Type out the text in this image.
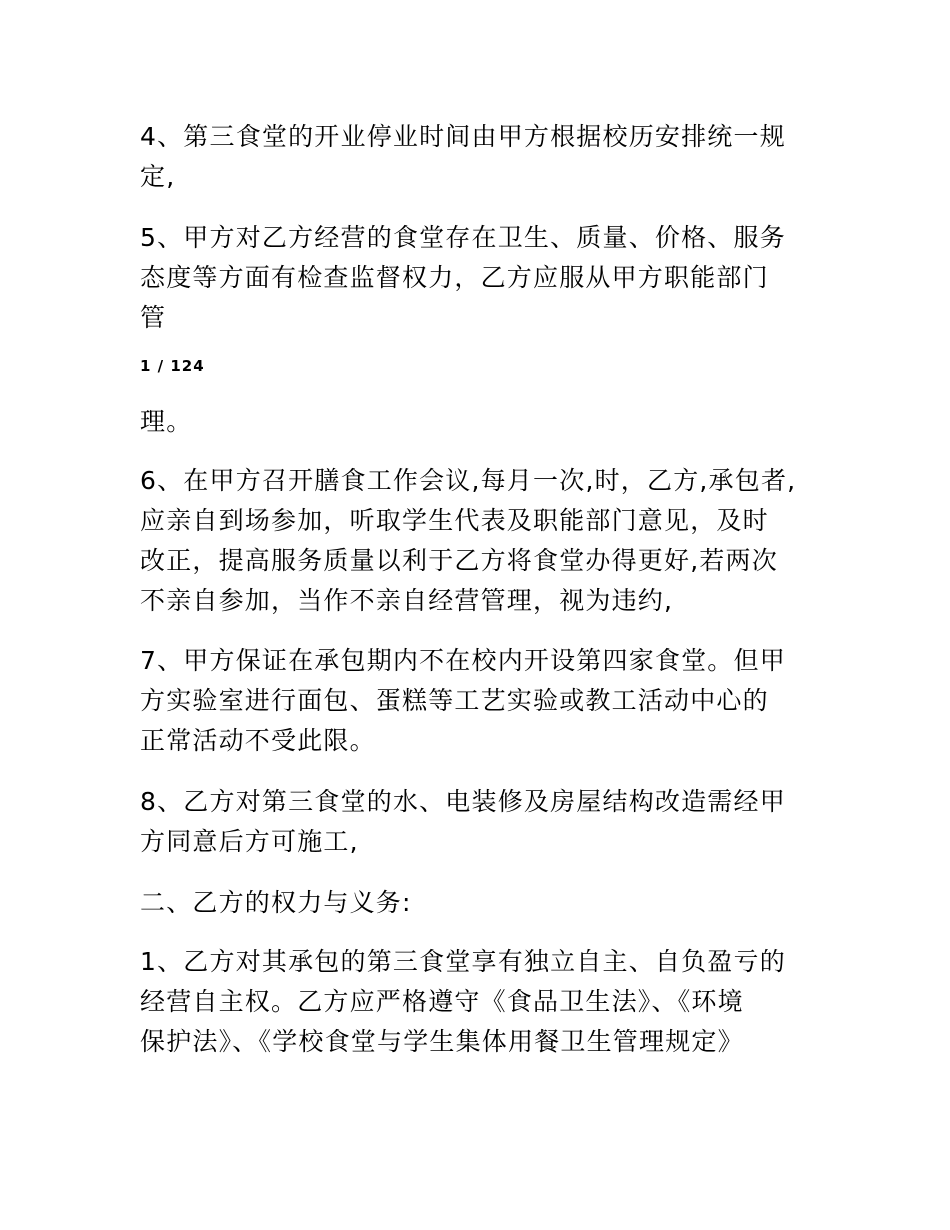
4、第三食堂的开业停业时间由甲方根据校历安排统一规
定,
5、甲方对乙方经营的食堂存在卫生、质量、价格、服务
态度等方面有检查监督权力，乙方应服从甲方职能部门
管
1 / 124
理。
6、在甲方召开膳食工作会议,每月一次,时，乙方,承包者,
应亲自到场参加，听取学生代表及职能部门意见，及时
改正，提高服务质量以利于乙方将食堂办得更好,若两次
不亲自参加，当作不亲自经营管理，视为违约,
7、甲方保证在承包期内不在校内开设第四家食堂。但甲
方实验室进行面包、蛋糕等工艺实验或教工活动中心的
正常活动不受此限。
8、乙方对第三食堂的水、电装修及房屋结构改造需经甲
方同意后方可施工,
二、乙方的权力与义务:
1、乙方对其承包的第三食堂享有独立自主、自负盈亏的
经营自主权。乙方应严格遵守《食品卫生法》、《环境
保护法》、《学校食堂与学生集体用餐卫生管理规定》
